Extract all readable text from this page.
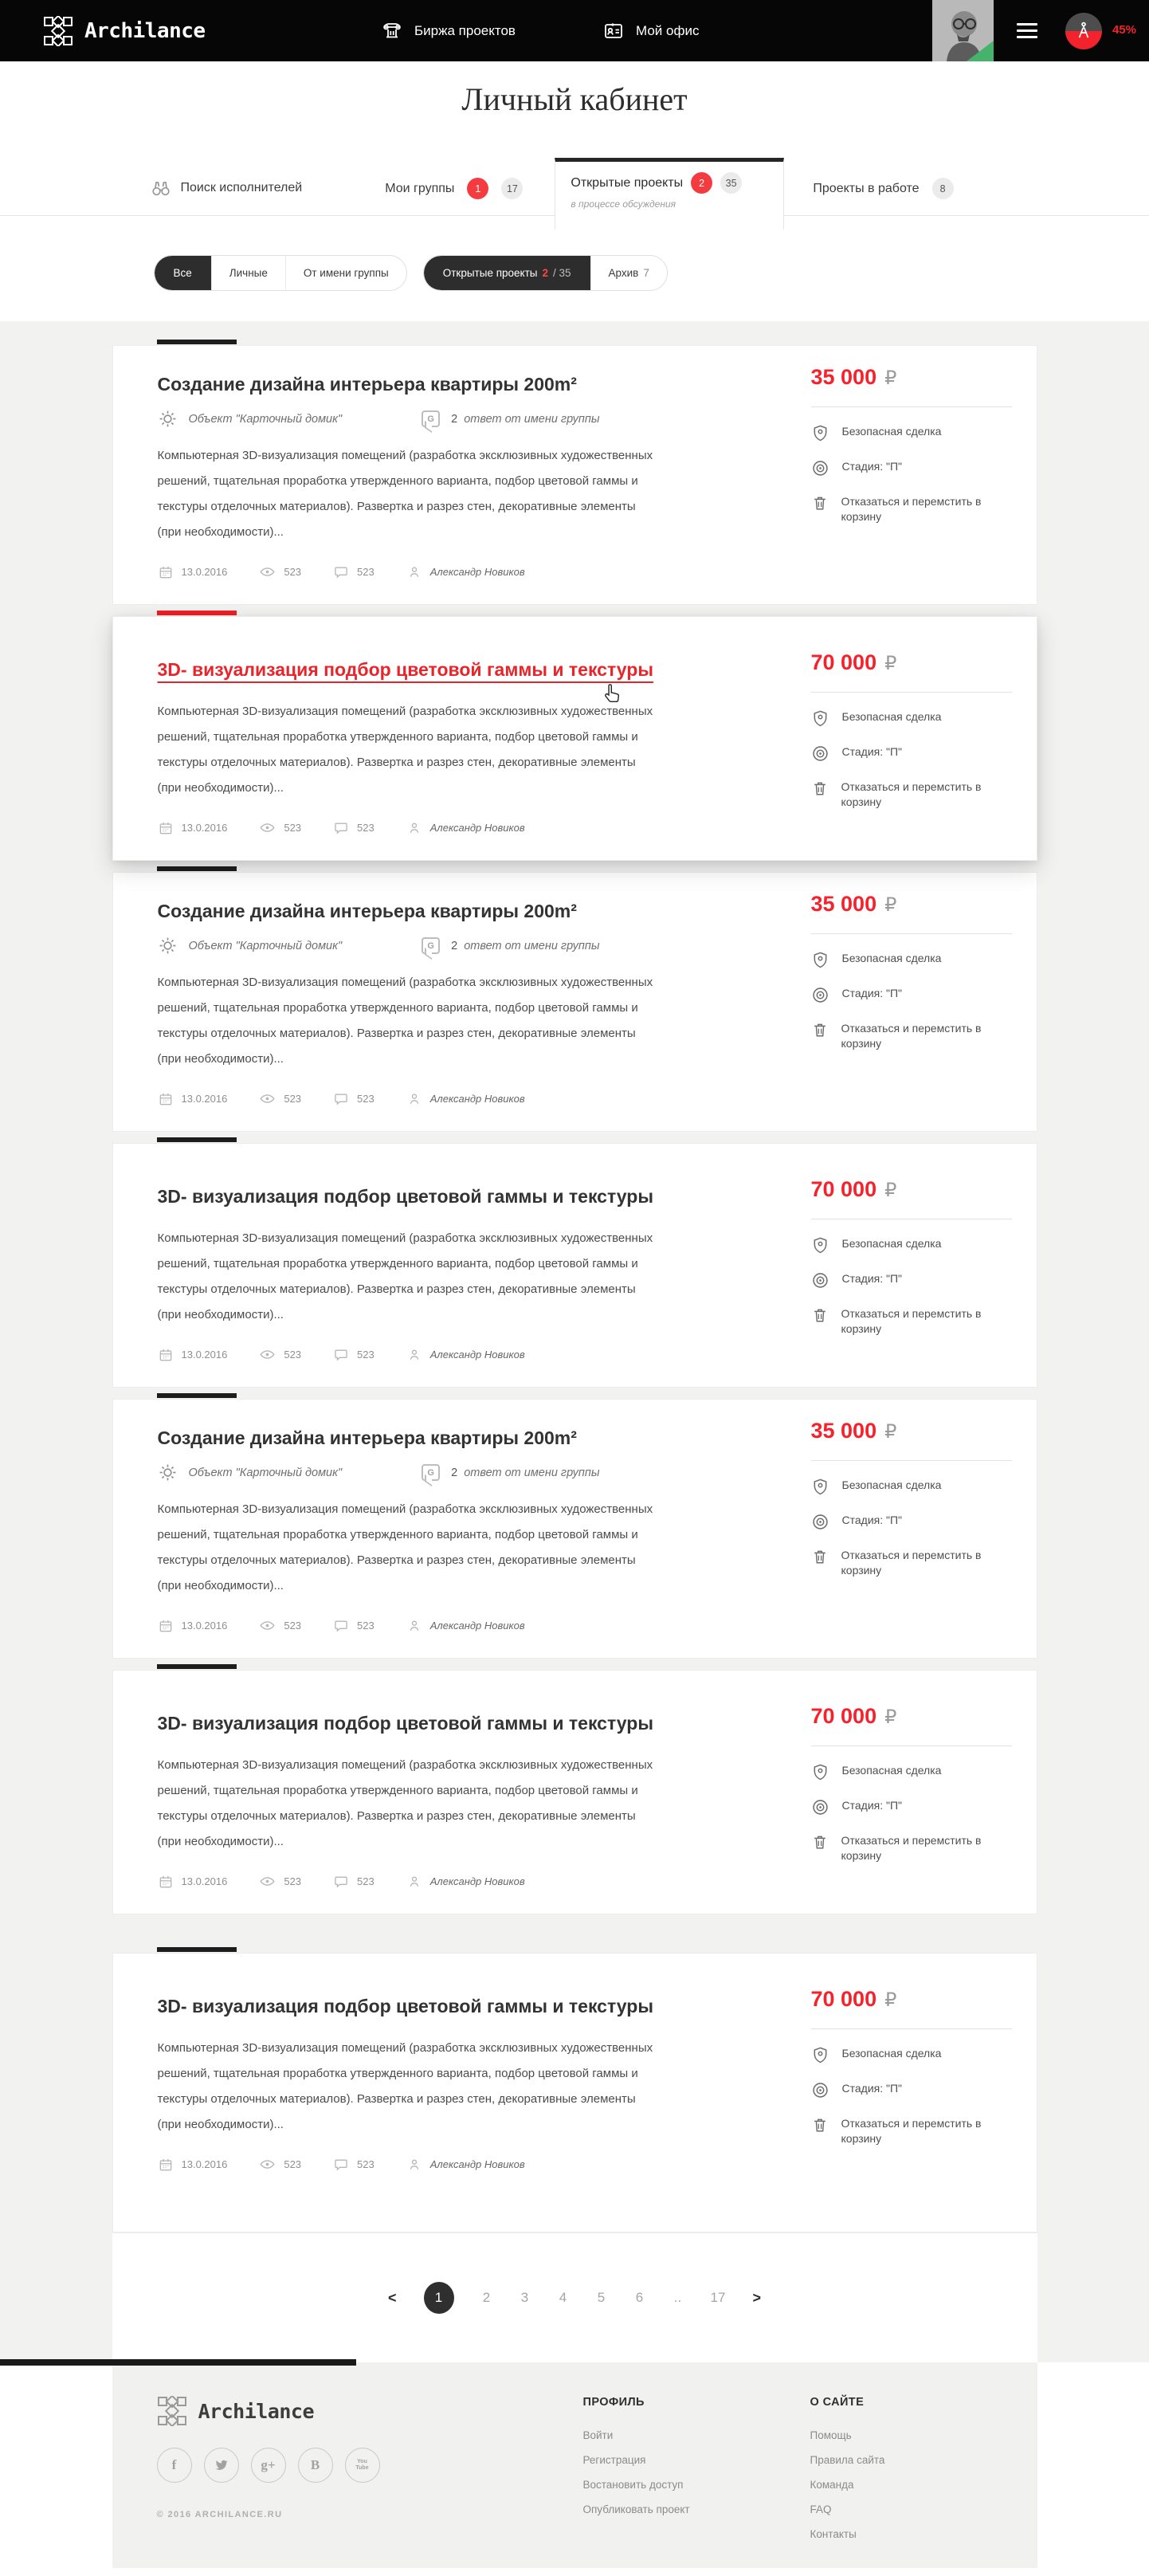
Archilance	Биржа проектов	Мой офис	45%
Личный кабинет
Поиск исполнителей	Мои группы	1	17	Открытые проекты	2	35
в процессе обсуждения
Проекты в работе	8
Все	Личные	От имени группы	Открытые проекты 2 / 35	Архив 7
Создание дизайна интерьера квартиры 200m²
Объект "Карточный домик"	G 2 ответ от имени группы

Компьютерная 3D-визуализация помещений (разработка эксклюзивных художественных решений, тщательная проработка утвержденного варианта, подбор цветовой гаммы и текстуры отделочных материалов). Развертка и разрез стен, декоративные элементы (при необходимости)...

13.0.2016	523	523	Александр Новиков
35 000 ₽
Безопасная сделка
Стадия: "П"
Отказаться и перемстить в корзину
3D- визуализация подбор цветовой гаммы и текстуры

Компьютерная 3D-визуализация помещений (разработка эксклюзивных художественных решений, тщательная проработка утвержденного варианта, подбор цветовой гаммы и текстуры отделочных материалов). Развертка и разрез стен, декоративные элементы (при необходимости)...

13.0.2016	523	523	Александр Новиков
70 000 ₽
Безопасная сделка
Стадия: "П"
Отказаться и перемстить в корзину
Создание дизайна интерьера квартиры 200m²
Объект "Карточный домик"	G 2 ответ от имени группы

Компьютерная 3D-визуализация помещений (разработка эксклюзивных художественных решений, тщательная проработка утвержденного варианта, подбор цветовой гаммы и текстуры отделочных материалов). Развертка и разрез стен, декоративные элементы (при необходимости)...

13.0.2016	523	523	Александр Новиков
35 000 ₽
Безопасная сделка
Стадия: "П"
Отказаться и перемстить в корзину
3D- визуализация подбор цветовой гаммы и текстуры

Компьютерная 3D-визуализация помещений (разработка эксклюзивных художественных решений, тщательная проработка утвержденного варианта, подбор цветовой гаммы и текстуры отделочных материалов). Развертка и разрез стен, декоративные элементы (при необходимости)...

13.0.2016	523	523	Александр Новиков
70 000 ₽
Безопасная сделка
Стадия: "П"
Отказаться и перемстить в корзину
Создание дизайна интерьера квартиры 200m²
Объект "Карточный домик"	G 2 ответ от имени группы

Компьютерная 3D-визуализация помещений (разработка эксклюзивных художественных решений, тщательная проработка утвержденного варианта, подбор цветовой гаммы и текстуры отделочных материалов). Развертка и разрез стен, декоративные элементы (при необходимости)...

13.0.2016	523	523	Александр Новиков
35 000 ₽
Безопасная сделка
Стадия: "П"
Отказаться и перемстить в корзину
3D- визуализация подбор цветовой гаммы и текстуры

Компьютерная 3D-визуализация помещений (разработка эксклюзивных художественных решений, тщательная проработка утвержденного варианта, подбор цветовой гаммы и текстуры отделочных материалов). Развертка и разрез стен, декоративные элементы (при необходимости)...

13.0.2016	523	523	Александр Новиков
70 000 ₽
Безопасная сделка
Стадия: "П"
Отказаться и перемстить в корзину
3D- визуализация подбор цветовой гаммы и текстуры

Компьютерная 3D-визуализация помещений (разработка эксклюзивных художественных решений, тщательная проработка утвержденного варианта, подбор цветовой гаммы и текстуры отделочных материалов). Развертка и разрез стен, декоративные элементы (при необходимости)...

13.0.2016	523	523	Александр Новиков
70 000 ₽
Безопасная сделка
Стадия: "П"
Отказаться и перемстить в корзину
<	1	2 3 4 5 6 .. 17 >
Archilance
f	g+	B	You
Tube
© 2016 ARCHILANCE.RU
ПРОФИЛЬ
Войти
Регистрация
Востановить доступ
Опубликовать проект
О САЙТЕ
Помощь
Правила сайта
Команда
FAQ
Контакты
